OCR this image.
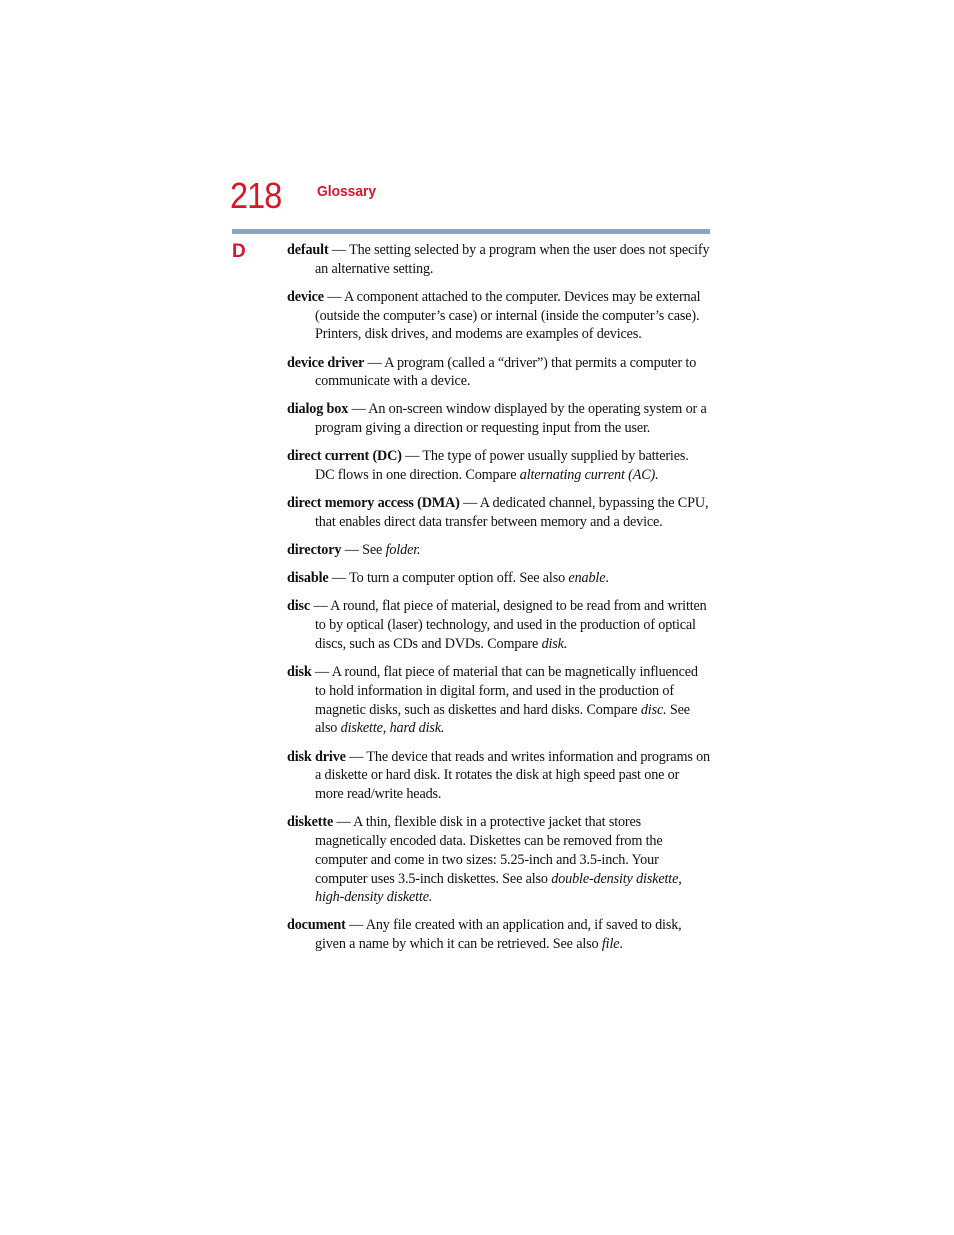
218 Glossary
D	default — The setting selected by a program when the user does not specify an alternative setting.

device — A component attached to the computer. Devices may be external (outside the computer’s case) or internal (inside the computer’s case). Printers, disk drives, and modems are examples of devices.

device driver — A program (called a “driver”) that permits a computer to communicate with a device.

dialog box — An on-screen window displayed by the operating system or a program giving a direction or requesting input from the user.

direct current (DC) — The type of power usually supplied by batteries. DC flows in one direction. Compare alternating current (AC).

direct memory access (DMA) — A dedicated channel, bypassing the CPU, that enables direct data transfer between memory and a device.

directory — See folder.

disable — To turn a computer option off. See also enable.

disc — A round, flat piece of material, designed to be read from and written to by optical (laser) technology, and used in the production of optical discs, such as CDs and DVDs. Compare disk.

disk — A round, flat piece of material that can be magnetically influenced to hold information in digital form, and used in the production of magnetic disks, such as diskettes and hard disks. Compare disc. See also diskette, hard disk.

disk drive — The device that reads and writes information and programs on a diskette or hard disk. It rotates the disk at high speed past one or more read/write heads.

diskette — A thin, flexible disk in a protective jacket that stores magnetically encoded data. Diskettes can be removed from the computer and come in two sizes: 5.25-inch and 3.5-inch. Your computer uses 3.5-inch diskettes. See also double-density diskette, high-density diskette.

document — Any file created with an application and, if saved to disk, given a name by which it can be retrieved. See also file.
